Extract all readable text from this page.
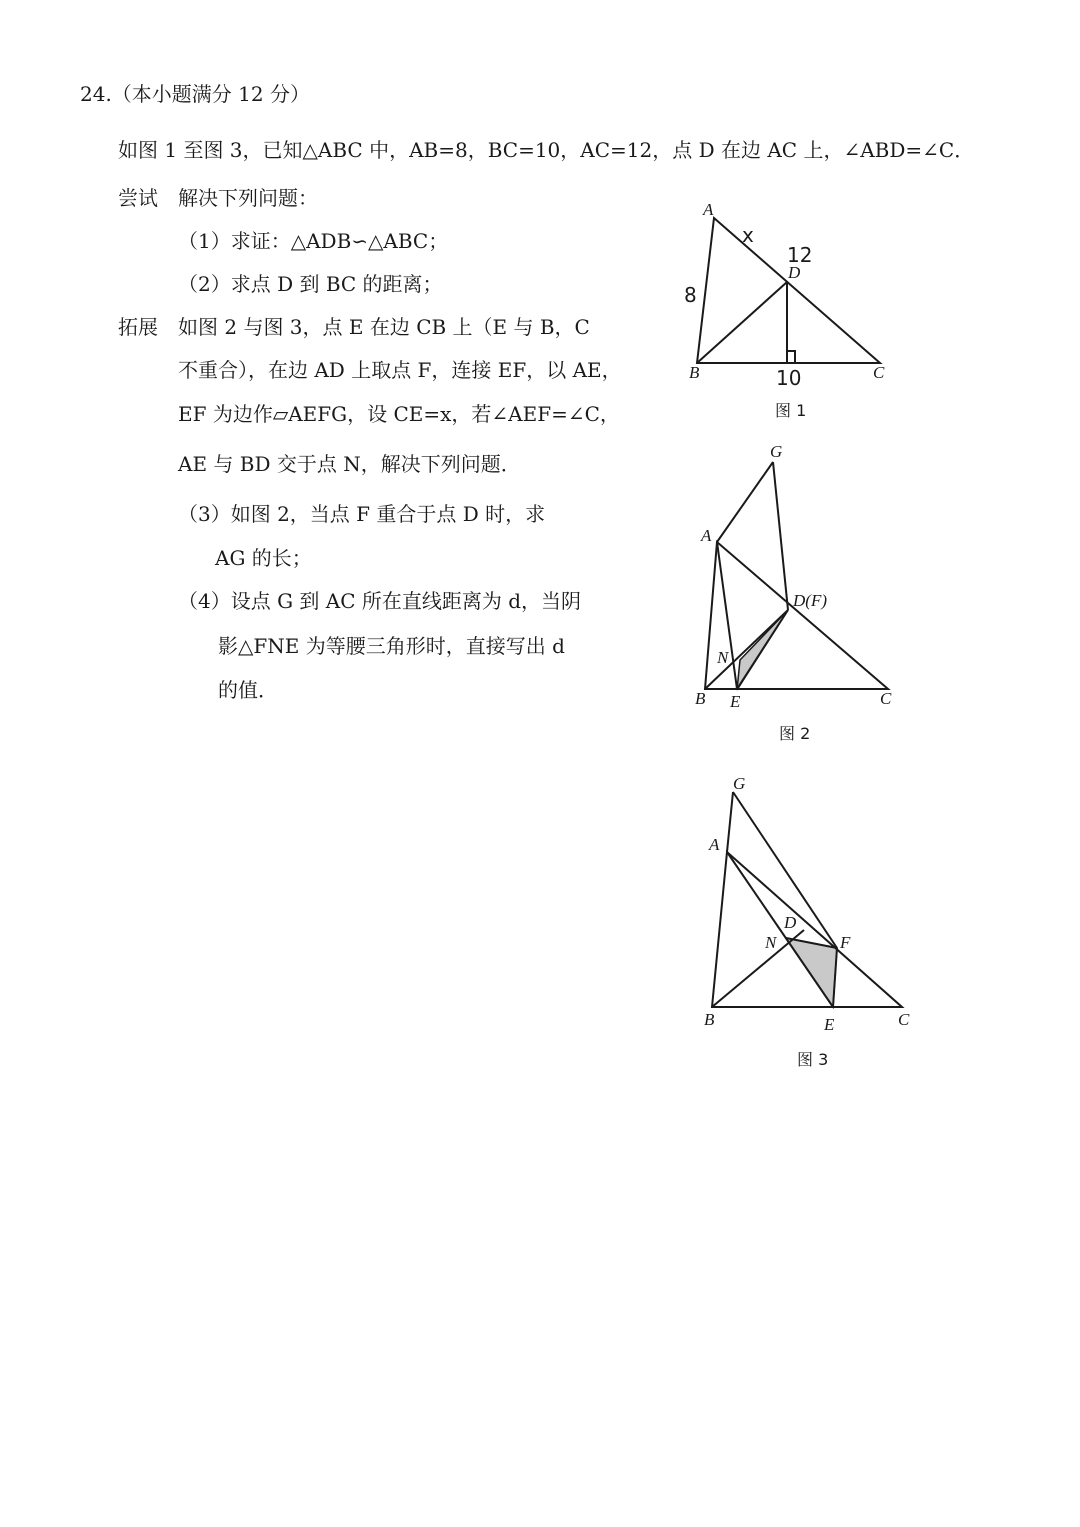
24.（本小题满分 12 分）
如图 1 至图 3，已知△ABC 中，AB=8，BC=10，AC=12，点 D 在边 AC 上，∠ABD=∠C．
尝试 解决下列问题：
（1）求证：△ADB∽△ABC；
（2）求点 D 到 BC 的距离；
拓展 如图 2 与图 3，点 E 在边 CB 上（E 与 B，C
不重合），在边 AD 上取点 F，连接 EF，以 AE，
EF 为边作▱AEFG，设 CE=x，若∠AEF=∠C，
AE 与 BD 交于点 N，解决下列问题．
（3）如图 2，当点 F 重合于点 D 时，求
AG 的长；
（4）设点 G 到 AC 所在直线距离为 d，当阴
影△FNE 为等腰三角形时，直接写出 d
的值．
A
B	C
D
x
12
8
10
图 1
G
A
D(F)
N
B E	C
图 2
G
A
D
N	F
B	E	C
图 3
